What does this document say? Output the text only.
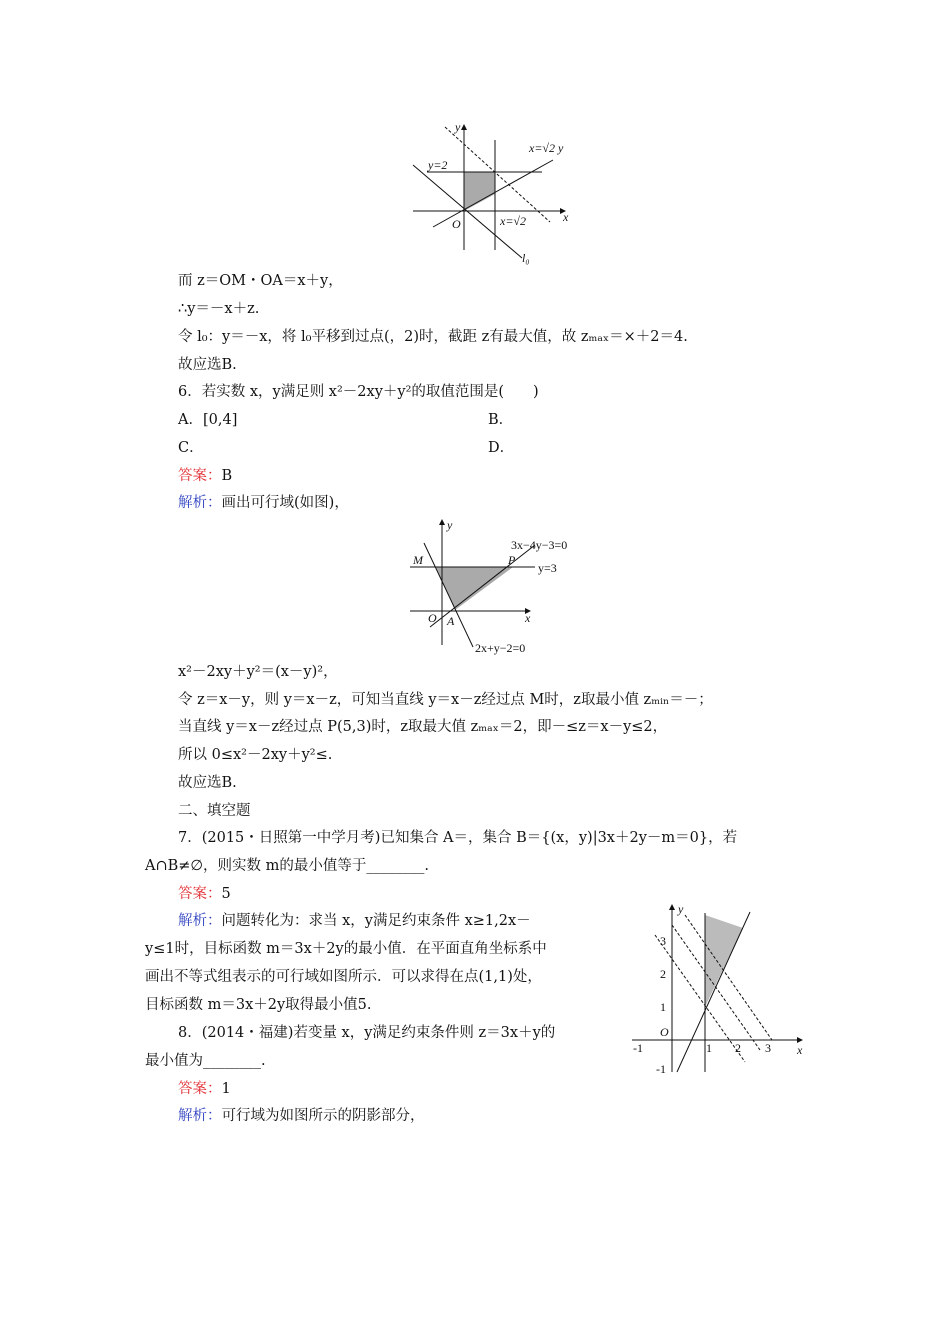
y
x
O
y=2
x=√2 y
x=√2
l₀
y
x
O A
M	P
3x−4y−3=0
y=3
2x+y−2=0
y
x
O
-1	1 2 3
3
2
1
-1
而 z＝OM・OA＝x＋y，
∴y＝－x＋z.
令 l₀：y＝－x，将 l₀平移到过点(，2)时，截距 z有最大值，故 zₘₐₓ＝×＋2＝4.
故应选B.
6．若实数 x，y满足则 x²－2xy＋y²的取值范围是(　　)
A．[0,4]	B．
C．	D．
答案：B
解析：画出可行域(如图)，
x²－2xy＋y²＝(x－y)²，
令 z＝x－y，则 y＝x－z，可知当直线 y＝x－z经过点 M时，z取最小值 zₘᵢₙ＝－；
当直线 y＝x－z经过点 P(5,3)时，z取最大值 zₘₐₓ＝2，即－≤z＝x－y≤2，
所以 0≤x²－2xy＋y²≤.
故应选B.
二、填空题
7．(2015・日照第一中学月考)已知集合 A＝，集合 B＝{(x，y)|3x＋2y－m＝0}，若
A∩B≠∅，则实数 m的最小值等于________.
答案：5
解析：问题转化为：求当 x，y满足约束条件 x≥1,2x－
y≤1时，目标函数 m＝3x＋2y的最小值．在平面直角坐标系中
画出不等式组表示的可行域如图所示．可以求得在点(1,1)处，
目标函数 m＝3x＋2y取得最小值5.
8．(2014・福建)若变量 x，y满足约束条件则 z＝3x＋y的
最小值为________.
答案：1
解析：可行域为如图所示的阴影部分，
